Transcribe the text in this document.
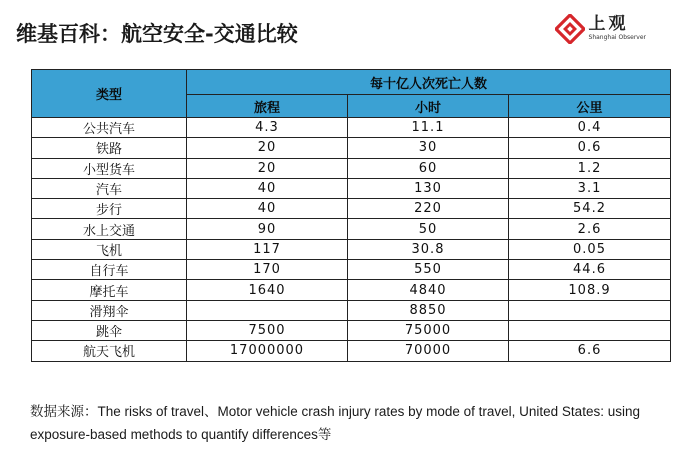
维基百科：航空安全-交通比较	上观
Shanghai Observer
类型	每十亿人次死亡人数		
	旅程	小时	公里
公共汽车	4.3	11.1	0.4
铁路	20	30	0.6
小型货车	20	60	1.2
汽车	40	130	3.1
步行	40	220	54.2
水上交通	90	50	2.6
飞机	117	30.8	0.05
自行车	170	550	44.6
摩托车	1640	4840	108.9
滑翔伞		8850	
跳伞	7500	75000	
航天飞机	17000000	70000	6.6
数据来源：The risks of travel、Motor vehicle crash injury rates by mode of travel, United States: using exposure-based methods to quantify differences等
